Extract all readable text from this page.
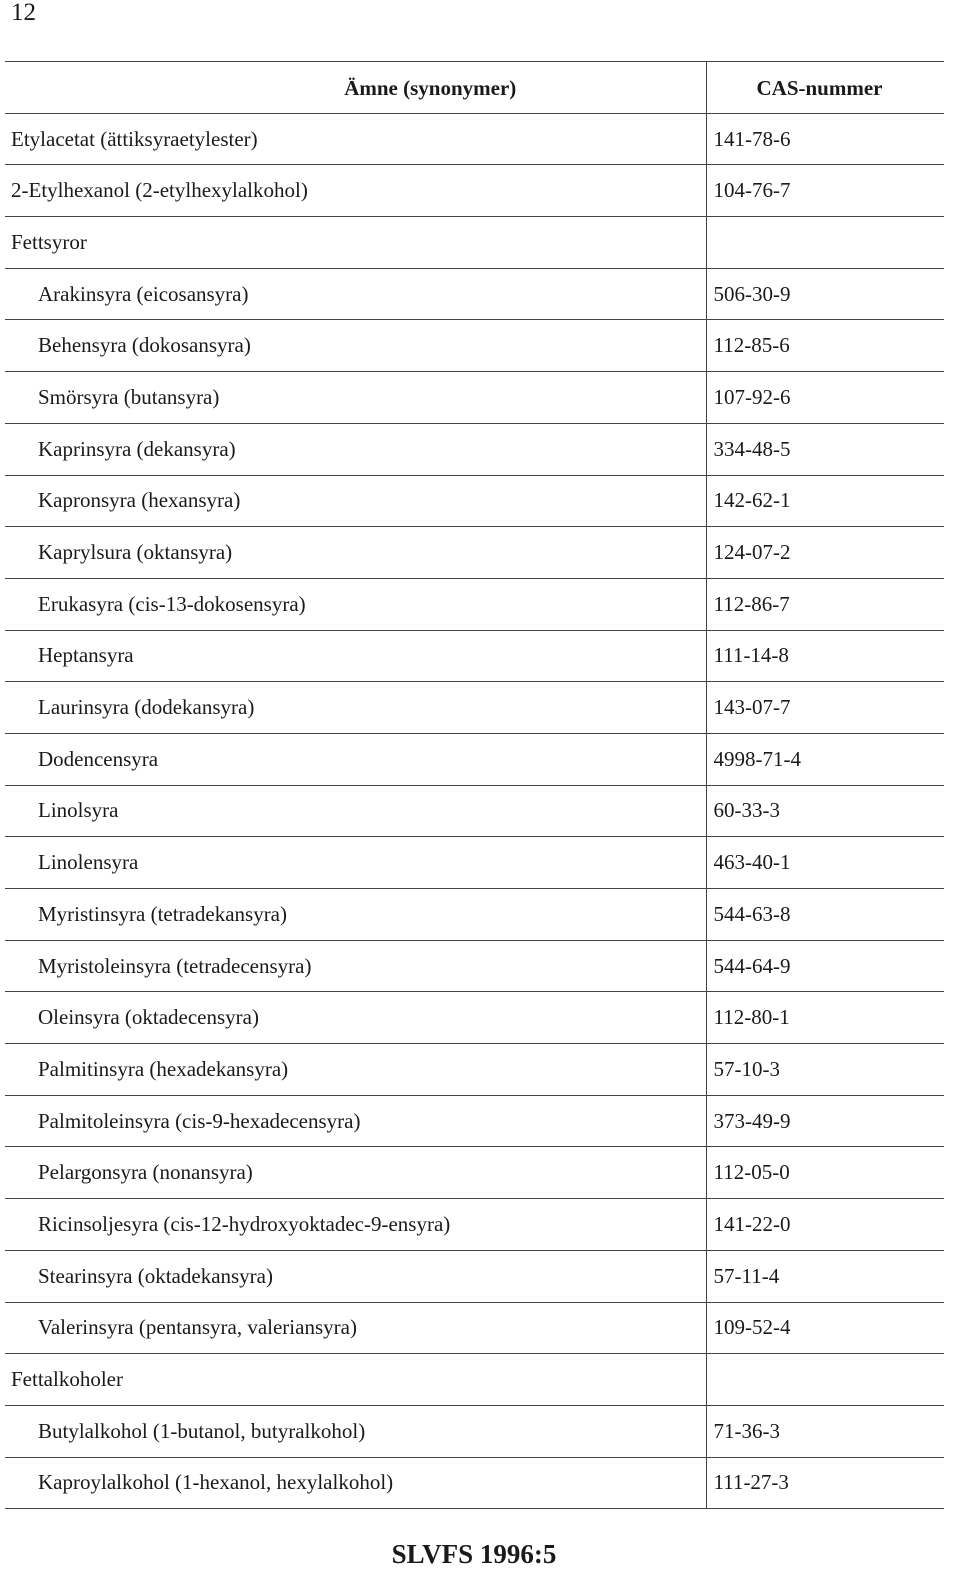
12
Ämne (synonymer)	CAS-nummer
Etylacetat (ättiksyraetylester)	141-78-6
2-Etylhexanol (2-etylhexylalkohol)	104-76-7
Fettsyror	
Arakinsyra (eicosansyra)	506-30-9
Behensyra (dokosansyra)	112-85-6
Smörsyra (butansyra)	107-92-6
Kaprinsyra (dekansyra)	334-48-5
Kapronsyra (hexansyra)	142-62-1
Kaprylsura (oktansyra)	124-07-2
Erukasyra (cis-13-dokosensyra)	112-86-7
Heptansyra	111-14-8
Laurinsyra (dodekansyra)	143-07-7
Dodencensyra	4998-71-4
Linolsyra	60-33-3
Linolensyra	463-40-1
Myristinsyra (tetradekansyra)	544-63-8
Myristoleinsyra (tetradecensyra)	544-64-9
Oleinsyra (oktadecensyra)	112-80-1
Palmitinsyra (hexadekansyra)	57-10-3
Palmitoleinsyra (cis-9-hexadecensyra)	373-49-9
Pelargonsyra (nonansyra)	112-05-0
Ricinsoljesyra (cis-12-hydroxyoktadec-9-ensyra)	141-22-0
Stearinsyra (oktadekansyra)	57-11-4
Valerinsyra (pentansyra, valeriansyra)	109-52-4
Fettalkoholer	
Butylalkohol (1-butanol, butyralkohol)	71-36-3
Kaproylalkohol (1-hexanol, hexylalkohol)	111-27-3
SLVFS 1996:5
